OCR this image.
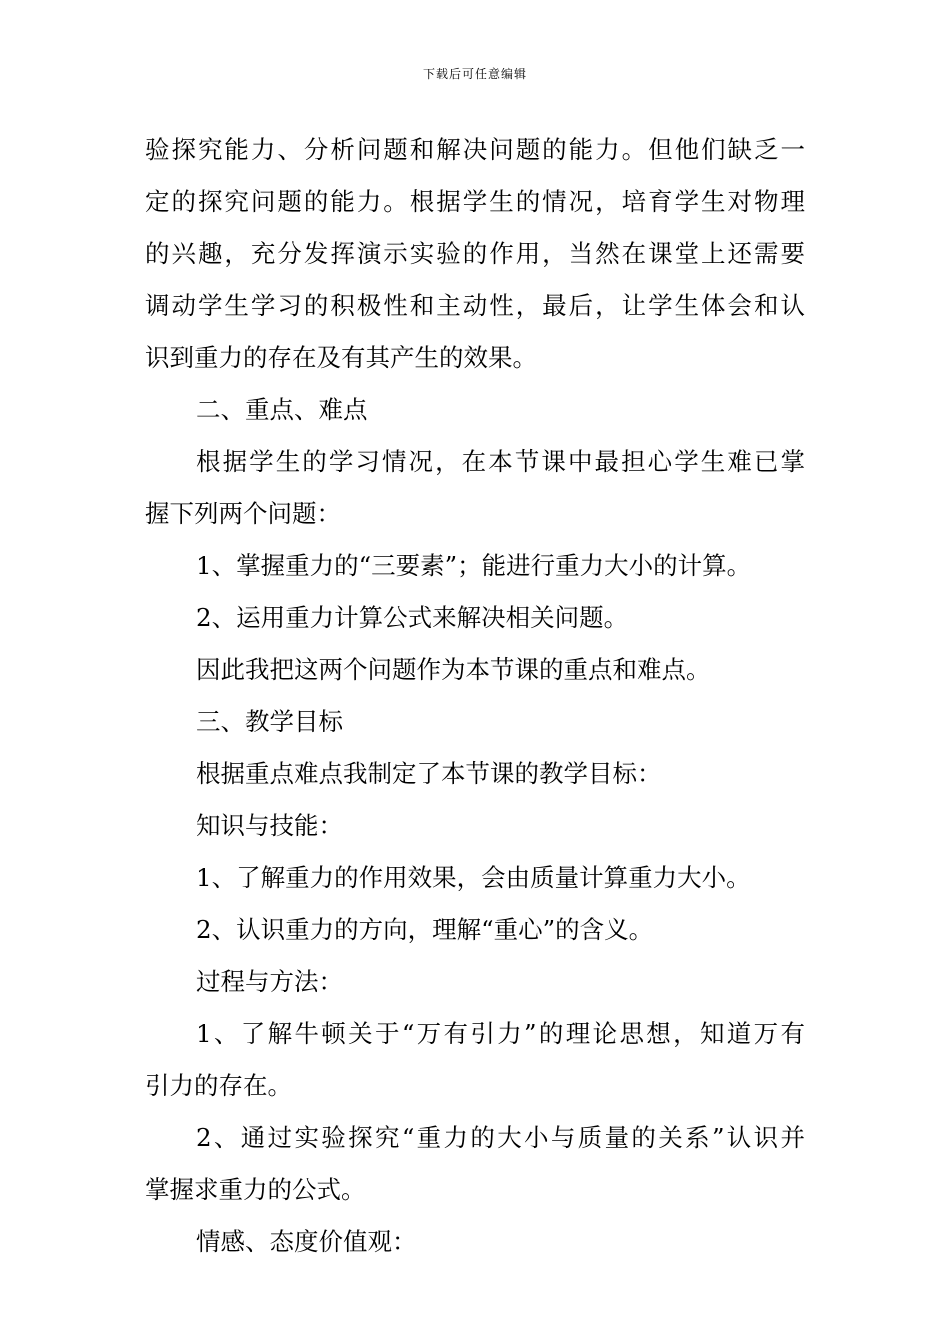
下载后可任意编辑
验探究能力、分析问题和解决问题的能力。但他们缺乏一
定的探究问题的能力。根据学生的情况，培育学生对物理
的兴趣，充分发挥演示实验的作用，当然在课堂上还需要
调动学生学习的积极性和主动性，最后，让学生体会和认
识到重力的存在及有其产生的效果。
二、重点、难点
根据学生的学习情况，在本节课中最担心学生难已掌
握下列两个问题：
1、掌握重力的“三要素”；能进行重力大小的计算。
2、运用重力计算公式来解决相关问题。
因此我把这两个问题作为本节课的重点和难点。
三、教学目标
根据重点难点我制定了本节课的教学目标：
知识与技能：
1、了解重力的作用效果，会由质量计算重力大小。
2、认识重力的方向，理解“重心”的含义。
过程与方法：
1、了解牛顿关于“万有引力”的理论思想，知道万有
引力的存在。
2、通过实验探究“重力的大小与质量的关系”认识并
掌握求重力的公式。
情感、态度价值观：
